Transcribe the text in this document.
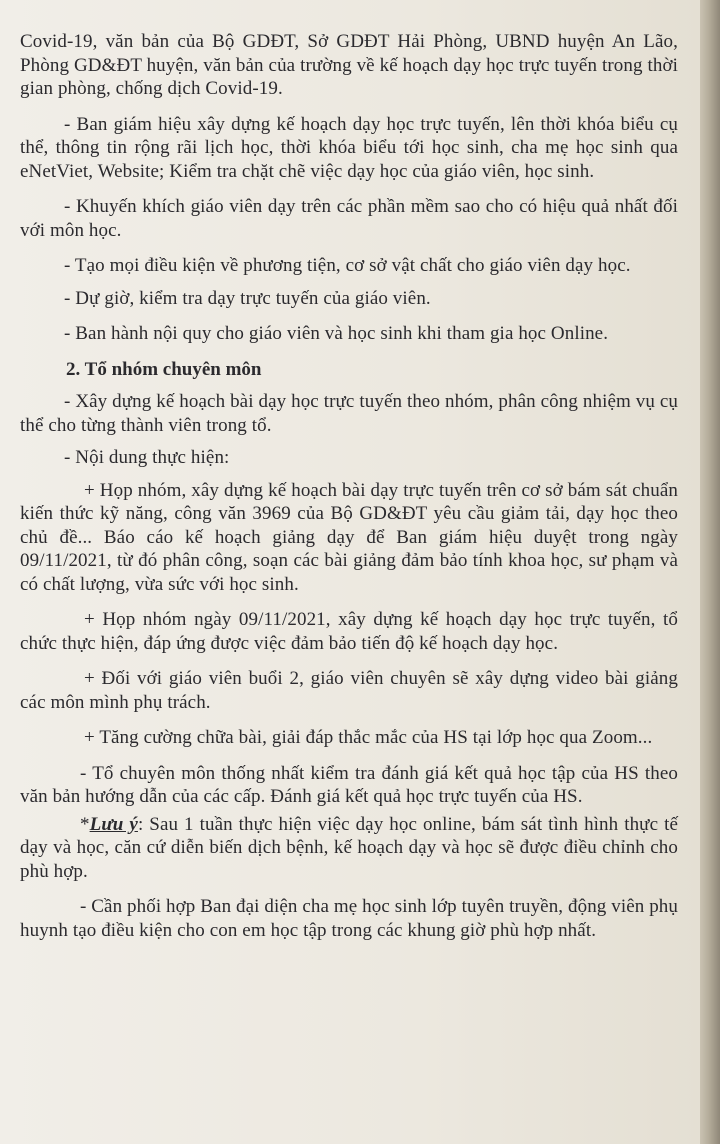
Covid-19, văn bản của Bộ GDĐT, Sở GDĐT Hải Phòng, UBND huyện An Lão, Phòng GD&ĐT huyện, văn bản của trường về kế hoạch dạy học trực tuyến trong thời gian phòng, chống dịch Covid-19.

- Ban giám hiệu xây dựng kế hoạch dạy học trực tuyến, lên thời khóa biểu cụ thể, thông tin rộng rãi lịch học, thời khóa biểu tới học sinh, cha mẹ học sinh qua eNetViet, Website; Kiểm tra chặt chẽ việc dạy học của giáo viên, học sinh.

- Khuyến khích giáo viên dạy trên các phần mềm sao cho có hiệu quả nhất đối với môn học.

- Tạo mọi điều kiện về phương tiện, cơ sở vật chất cho giáo viên dạy học.

- Dự giờ, kiểm tra dạy trực tuyến của giáo viên.

- Ban hành nội quy cho giáo viên và học sinh khi tham gia học Online.

2. Tổ nhóm chuyên môn

- Xây dựng kế hoạch bài dạy học trực tuyến theo nhóm, phân công nhiệm vụ cụ thể cho từng thành viên trong tổ.

- Nội dung thực hiện:

+ Họp nhóm, xây dựng kế hoạch bài dạy trực tuyến trên cơ sở bám sát chuẩn kiến thức kỹ năng, công văn 3969 của Bộ GD&ĐT yêu cầu giảm tải, dạy học theo chủ đề... Báo cáo kế hoạch giảng dạy để Ban giám hiệu duyệt trong ngày 09/11/2021, từ đó phân công, soạn các bài giảng đảm bảo tính khoa học, sư phạm và có chất lượng, vừa sức với học sinh.

+ Họp nhóm ngày 09/11/2021, xây dựng kế hoạch dạy học trực tuyến, tổ chức thực hiện, đáp ứng được việc đảm bảo tiến độ kế hoạch dạy học.

+ Đối với giáo viên buổi 2, giáo viên chuyên sẽ xây dựng video bài giảng các môn mình phụ trách.

+ Tăng cường chữa bài, giải đáp thắc mắc của HS tại lớp học qua Zoom...

- Tổ chuyên môn thống nhất kiểm tra đánh giá kết quả học tập của HS theo văn bản hướng dẫn của các cấp. Đánh giá kết quả học trực tuyến của HS.

*Lưu ý: Sau 1 tuần thực hiện việc dạy học online, bám sát tình hình thực tế dạy và học, căn cứ diễn biến dịch bệnh, kế hoạch dạy và học sẽ được điều chỉnh cho phù hợp.

- Cần phối hợp Ban đại diện cha mẹ học sinh lớp tuyên truyền, động viên phụ huynh tạo điều kiện cho con em học tập trong các khung giờ phù hợp nhất.
